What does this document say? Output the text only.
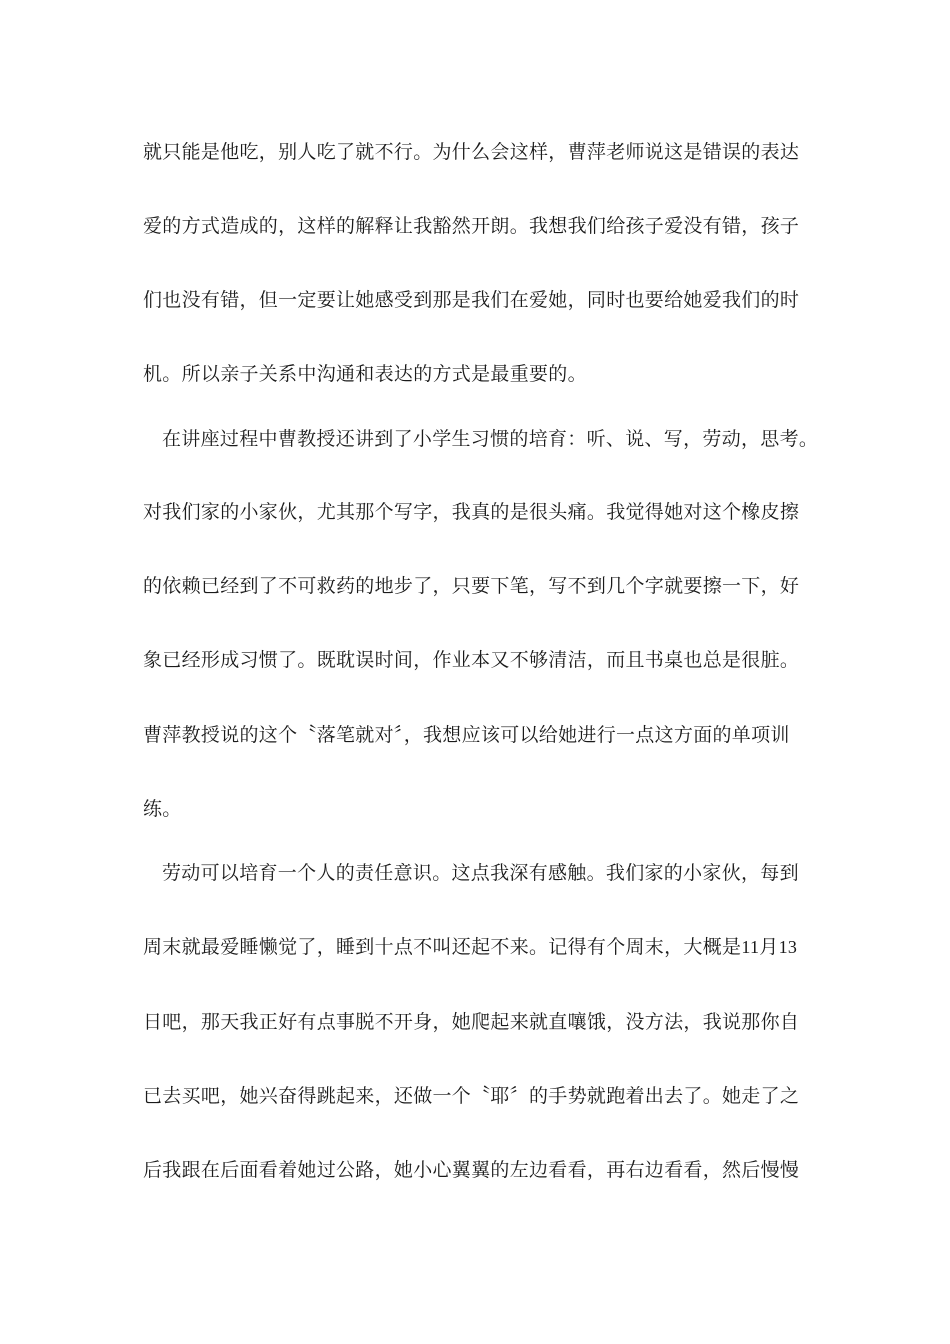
就只能是他吃，别人吃了就不行。为什么会这样，曹萍老师说这是错误的表达
爱的方式造成的，这样的解释让我豁然开朗。我想我们给孩子爱没有错，孩子
们也没有错，但一定要让她感受到那是我们在爱她，同时也要给她爱我们的时
机。所以亲子关系中沟通和表达的方式是最重要的。
在讲座过程中曹教授还讲到了小学生习惯的培育：听、说、写，劳动，思考。
对我们家的小家伙，尤其那个写字，我真的是很头痛。我觉得她对这个橡皮擦
的依赖已经到了不可救药的地步了，只要下笔，写不到几个字就要擦一下，好
象已经形成习惯了。既耽误时间，作业本又不够清洁，而且书桌也总是很脏。
曹萍教授说的这个〝落笔就对〞，我想应该可以给她进行一点这方面的单项训
练。
劳动可以培育一个人的责任意识。这点我深有感触。我们家的小家伙，每到
周末就最爱睡懒觉了，睡到十点不叫还起不来。记得有个周末，大概是11月13
日吧，那天我正好有点事脱不开身，她爬起来就直嚷饿，没方法，我说那你自
已去买吧，她兴奋得跳起来，还做一个〝耶〞的手势就跑着出去了。她走了之
后我跟在后面看着她过公路，她小心翼翼的左边看看，再右边看看，然后慢慢
